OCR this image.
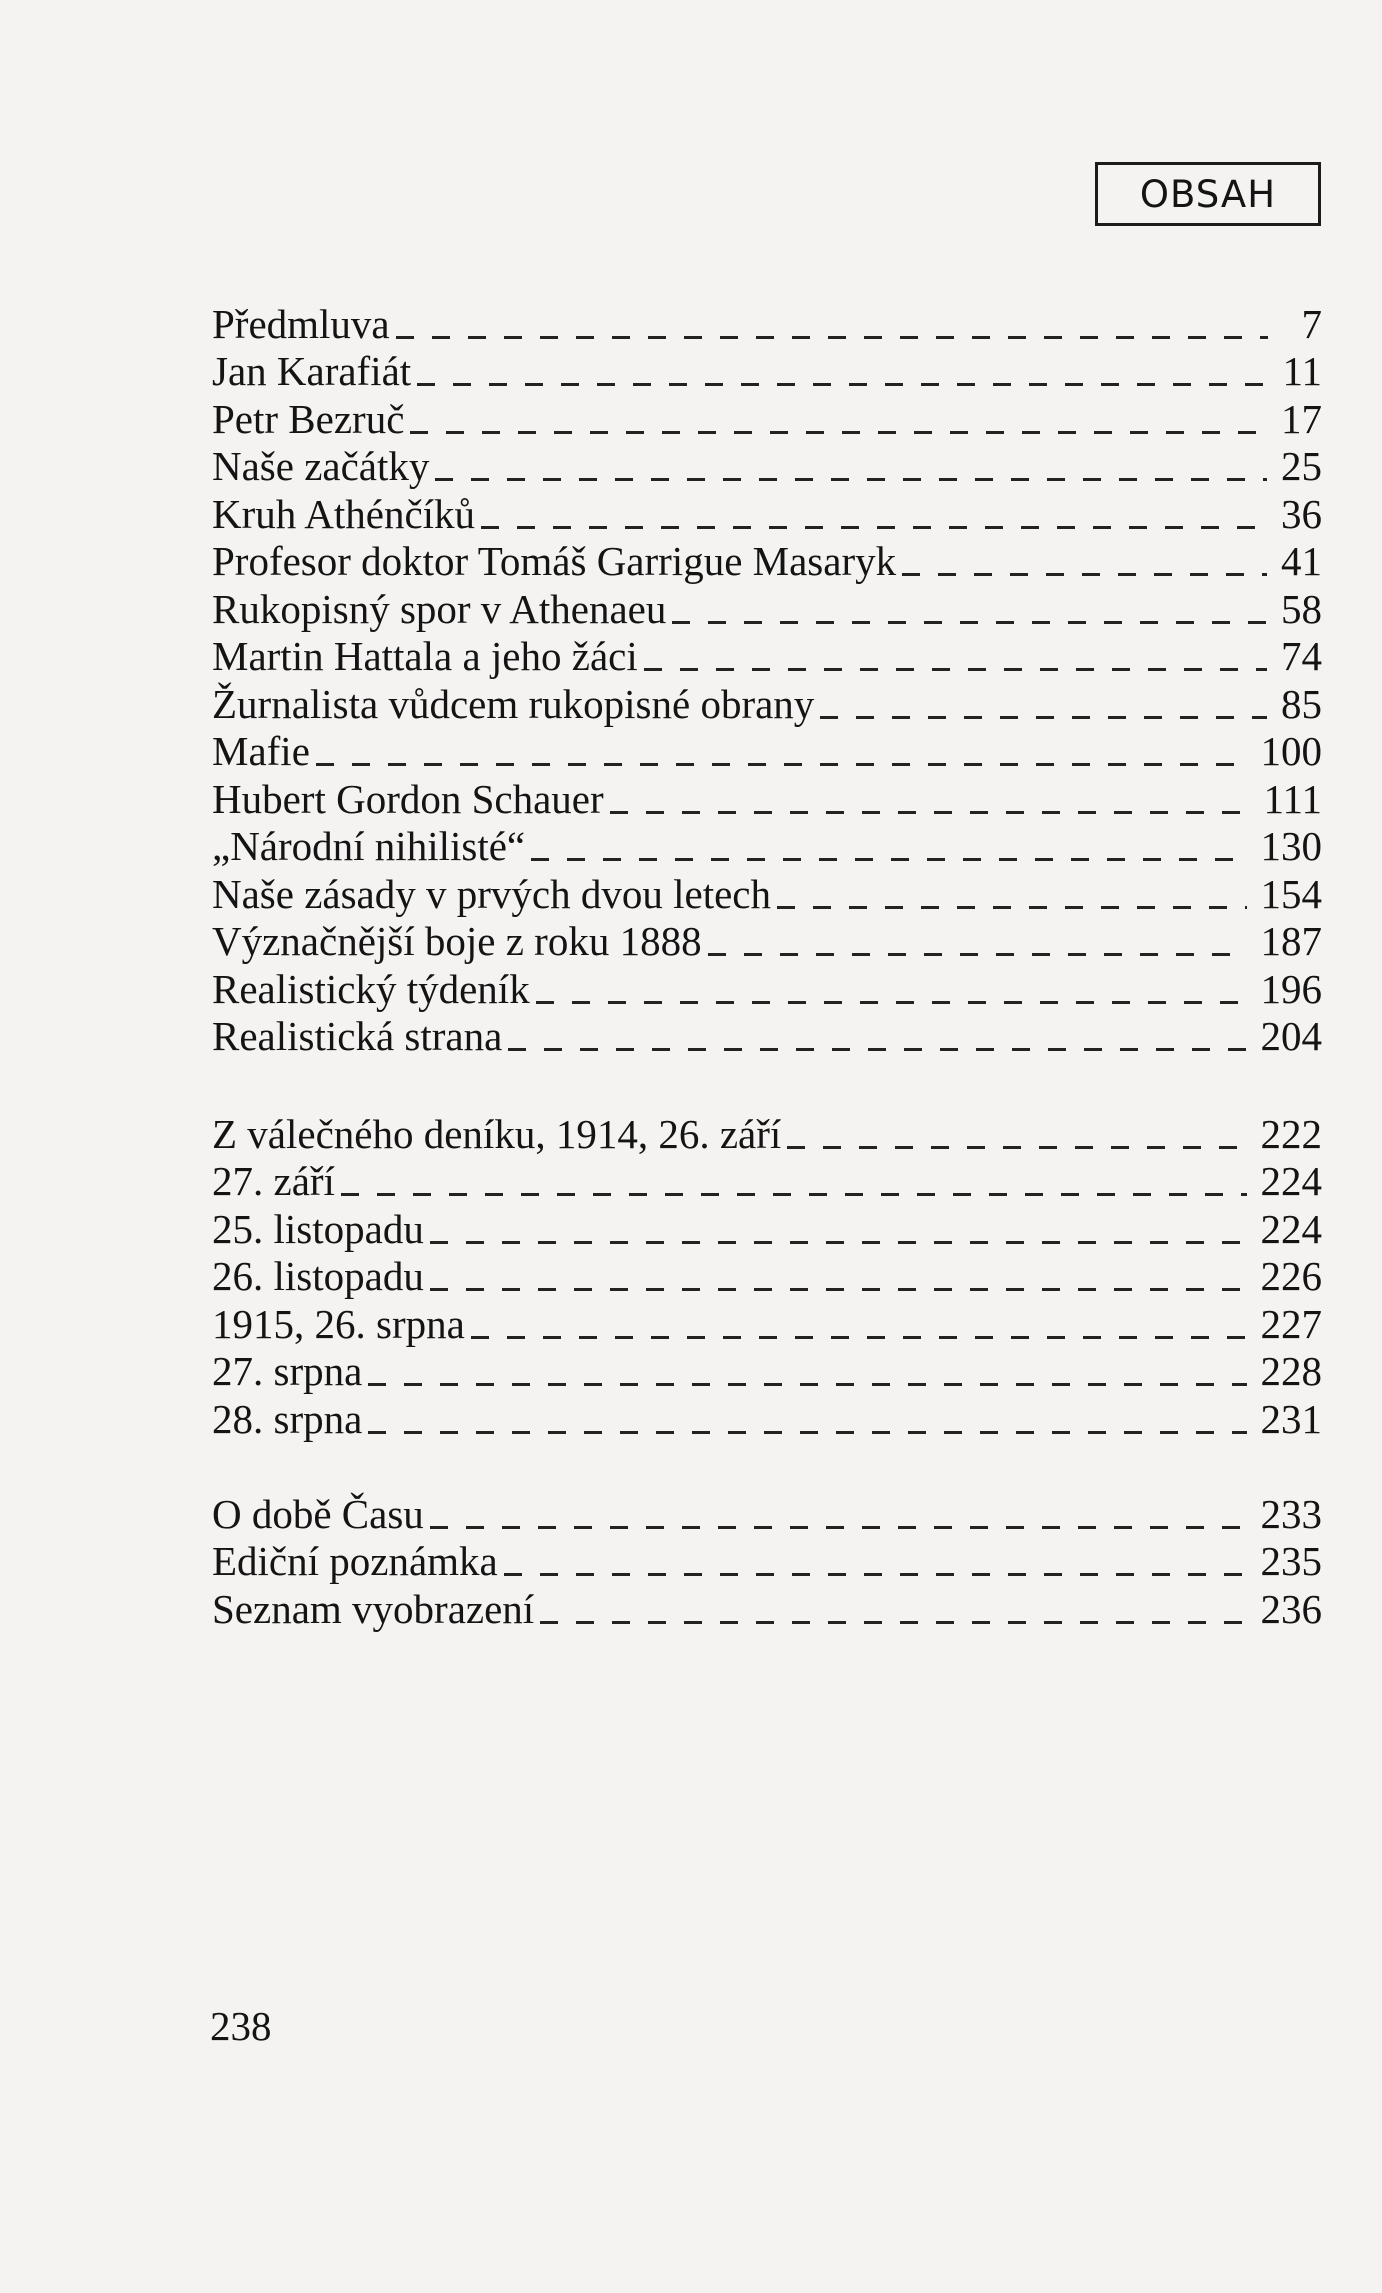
OBSAH
Předmluva	7
Jan Karafiát	11
Petr Bezruč	17
Naše začátky	25
Kruh Athénčíků	36
Profesor doktor Tomáš Garrigue Masaryk	41
Rukopisný spor v Athenaeu	58
Martin Hattala a jeho žáci	74
Žurnalista vůdcem rukopisné obrany	85
Mafie	100
Hubert Gordon Schauer	111
„Národní nihilisté“	130
Naše zásady v prvých dvou letech	154
Význačnější boje z roku 1888	187
Realistický týdeník	196
Realistická strana	204
Z válečného deníku, 1914, 26. září	222
27. září	224
25. listopadu	224
26. listopadu	226
1915, 26. srpna	227
27. srpna	228
28. srpna	231
O době Času	233
Ediční poznámka	235
Seznam vyobrazení	236
238
